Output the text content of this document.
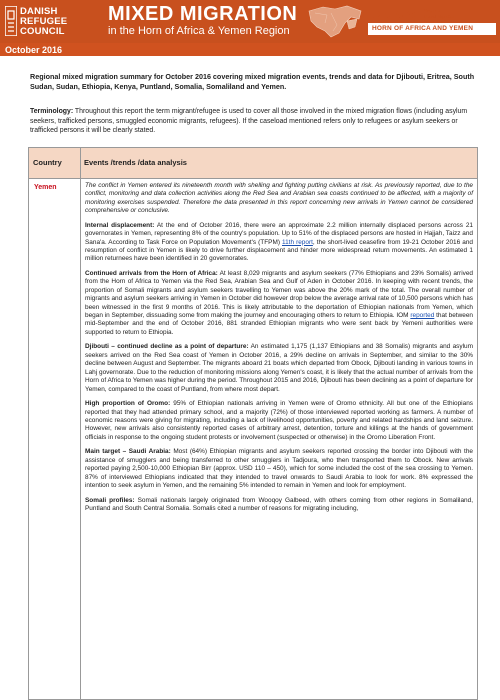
DANISH
REFUGEE
COUNCIL
MIXED MIGRATION
in the Horn of Africa & Yemen Region
RMMS Regional
Mixed Migration
Secretariat
HORN OF AFRICA AND YEMEN
October 2016
Regional mixed migration summary for October 2016 covering mixed migration events, trends and data for Djibouti, Eritrea, South Sudan, Sudan, Ethiopia, Kenya, Puntland, Somalia, Somaliland and Yemen.
Terminology: Throughout this report the term migrant/refugee is used to cover all those involved in the mixed migration flows (including asylum seekers, trafficked persons, smuggled economic migrants, refugees). If the caseload mentioned refers only to refugees or asylum seekers or trafficked persons it will be clearly stated.
Country	Events /trends /data analysis
Yemen	The conflict in Yemen entered its nineteenth month with shelling and fighting putting civilians at risk. As previously reported, due to the conflict, monitoring and data collection activities along the Red Sea and Arabian sea coasts continued to be affected, with a majority of monitoring exercises suspended. Therefore the data presented in this report concerning new arrivals in Yemen cannot be considered comprehensive or conclusive.

Internal displacement: At the end of October 2016, there were an approximate 2.2 million internally displaced persons across 21 governorates in Yemen, representing 8% of the country's population. Up to 51% of the displaced persons are hosted in Hajjah, Taizz and Sana'a. According to Task Force on Population Movement's (TFPM) 11th report, the short-lived ceasefire from 19-21 October 2016 and resumption of conflict in Yemen is likely to drive further displacement and hinder more widespread return movements. An estimated 1 million returnees have been identified in 20 governorates.

Continued arrivals from the Horn of Africa: At least 8,029 migrants and asylum seekers (77% Ethiopians and 23% Somalis) arrived from the Horn of Africa to Yemen via the Red Sea, Arabian Sea and Gulf of Aden in October 2016. In keeping with recent trends, the proportion of Somali migrants and asylum seekers travelling to Yemen was above the 20% mark of the total. The overall number of migrants and asylum seekers arriving in Yemen in October did however drop below the average arrival rate of 10,500 persons which has been witnessed in the first 9 months of 2016. This is likely attributable to the deportation of Ethiopian nationals from Yemen, which began in September, dissuading some from making the journey and encouraging others to return to Ethiopia. IOM reported that between mid-September and the end of October 2016, 881 stranded Ethiopian migrants who were sent back by Yemeni authorities were supported to return to Ethiopia.

Djibouti – continued decline as a point of departure: An estimated 1,175 (1,137 Ethiopians and 38 Somalis) migrants and asylum seekers arrived on the Red Sea coast of Yemen in October 2016, a 29% decline on arrivals in September, and similar to the 30% decline between August and September. The migrants aboard 21 boats which departed from Obock, Djibouti landing in various towns in Lahj governorate. Due to the reduction of monitoring missions along Yemen's coast, it is likely that the actual number of arrivals from the Horn of Africa to Yemen was higher during the period. Throughout 2015 and 2016, Djibouti has been declining as a point of departure for Yemen, compared to the coast of Puntland, from where most depart.

High proportion of Oromo: 95% of Ethiopian nationals arriving in Yemen were of Oromo ethnicity. All but one of the Ethiopians reported that they had attended primary school, and a majority (72%) of those interviewed reported working as farmers. A number of economic reasons were giving for migrating, including a lack of livelihood opportunities, poverty and related hardships and land seizure. However, new arrivals also consistently reported cases of arbitrary arrest, detention, torture and killings at the hands of government officials in response to the ongoing student protests or involvement (suspected or otherwise) in the Oromo Liberation Front.

Main target – Saudi Arabia: Most (64%) Ethiopian migrants and asylum seekers reported crossing the border into Djibouti with the assistance of smugglers and being transferred to other smugglers in Tadjoura, who then transported them to Obock. New arrivals reported paying 2,500-10,000 Ethiopian Birr (approx. USD 110 – 450), which for some included the cost of the sea crossing to Yemen. 87% of interviewed Ethiopians indicated that they intended to travel onwards to Saudi Arabia to look for work. 8% expressed the intention to seek asylum in Yemen, and the remaining 5% intended to remain in Yemen and look for employment.

Somali profiles: Somali nationals largely originated from Wooqoy Galbeed, with others coming from other regions in Somaliland, Puntland and South Central Somalia. Somalis cited a number of reasons for migrating including,
